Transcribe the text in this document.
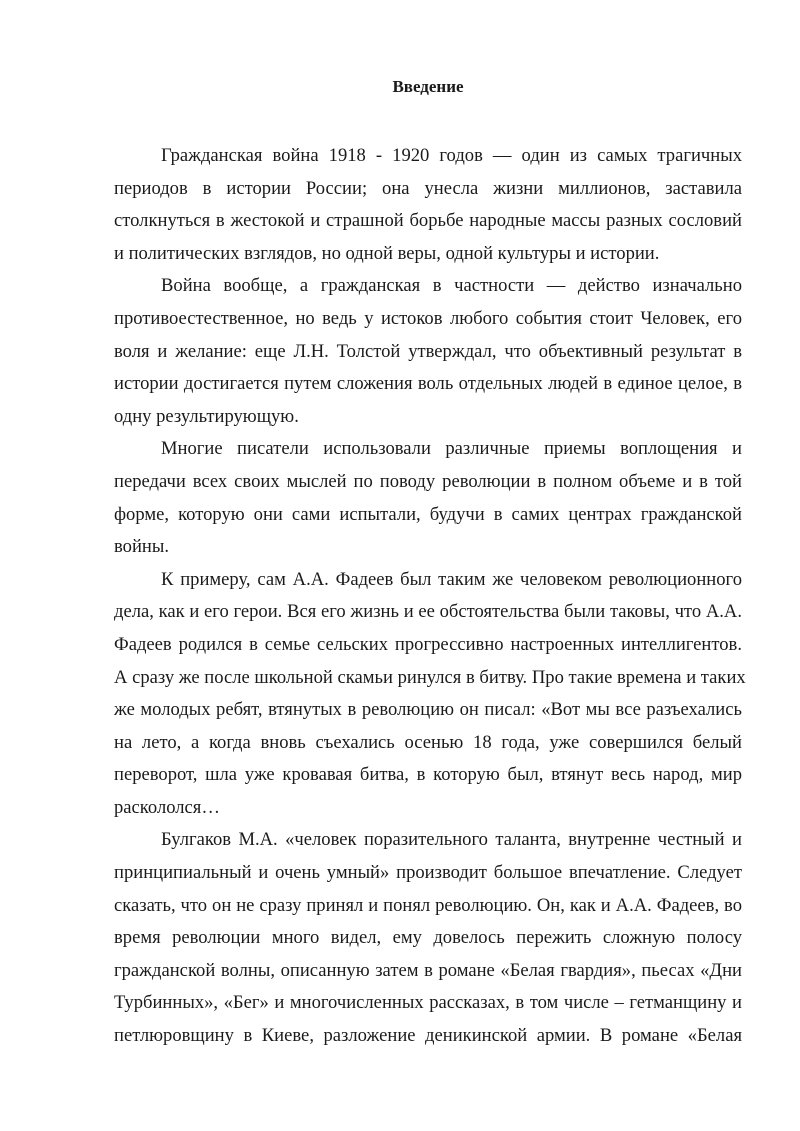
Введение
Гражданская война 1918 - 1920 годов — один из самых трагичных
периодов в истории России; она унесла жизни миллионов, заставила
столкнуться в жестокой и страшной борьбе народные массы разных сословий
и политических взглядов, но одной веры, одной культуры и истории.
Война вообще, а гражданская в частности — действо изначально
противоестественное, но ведь у истоков любого события стоит Человек, его
воля и желание: еще Л.Н. Толстой утверждал, что объективный результат в
истории достигается путем сложения воль отдельных людей в единое целое, в
одну результирующую.
Многие писатели использовали различные приемы воплощения и
передачи всех своих мыслей по поводу революции в полном объеме и в той
форме, которую они сами испытали, будучи в самих центрах гражданской
войны.
К примеру, сам А.А. Фадеев был таким же человеком революционного
дела, как и его герои. Вся его жизнь и ее обстоятельства были таковы, что А.А.
Фадеев родился в семье сельских прогрессивно настроенных интеллигентов.
А сразу же после школьной скамьи ринулся в битву. Про такие времена и таких
же молодых ребят, втянутых в революцию он писал: «Вот мы все разъехались
на лето, а когда вновь съехались осенью 18 года, уже совершился белый
переворот, шла уже кровавая битва, в которую был, втянут весь народ, мир
раскололся…
Булгаков М.А. «человек поразительного таланта, внутренне честный и
принципиальный и очень умный» производит большое впечатление. Следует
сказать, что он не сразу принял и понял революцию. Он, как и А.А. Фадеев, во
время революции много видел, ему довелось пережить сложную полосу
гражданской волны, описанную затем в романе «Белая гвардия», пьесах «Дни
Турбинных», «Бег» и многочисленных рассказах, в том числе – гетманщину и
петлюровщину в Киеве, разложение деникинской армии. В романе «Белая
